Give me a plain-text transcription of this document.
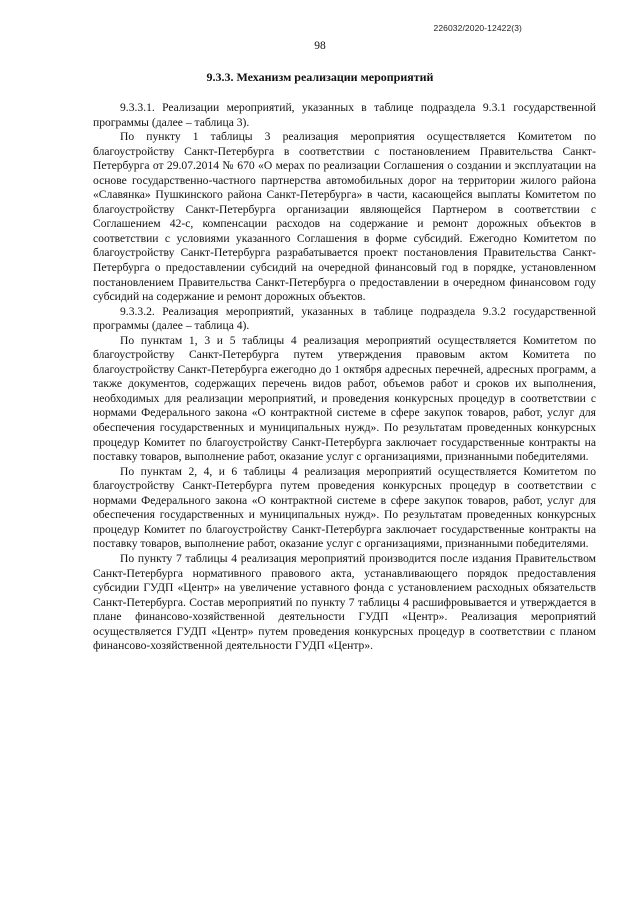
226032/2020-12422(3)
98
9.3.3. Механизм реализации мероприятий

9.3.3.1. Реализации мероприятий, указанных в таблице подраздела 9.3.1 государственной программы (далее – таблица 3).

По пункту 1 таблицы 3 реализация мероприятия осуществляется Комитетом по благоустройству Санкт-Петербурга в соответствии с постановлением Правительства Санкт-Петербурга от 29.07.2014 № 670 «О мерах по реализации Соглашения о создании и эксплуатации на основе государственно-частного партнерства автомобильных дорог на территории жилого района «Славянка» Пушкинского района Санкт-Петербурга» в части, касающейся выплаты Комитетом по благоустройству Санкт-Петербурга организации являющейся Партнером в соответствии с Соглашением 42-с, компенсации расходов на содержание и ремонт дорожных объектов в соответствии с условиями указанного Соглашения в форме субсидий. Ежегодно Комитетом по благоустройству Санкт-Петербурга разрабатывается проект постановления Правительства Санкт-Петербурга о предоставлении субсидий на очередной финансовый год в порядке, установленном постановлением Правительства Санкт-Петербурга о предоставлении в очередном финансовом году субсидий на содержание и ремонт дорожных объектов.

9.3.3.2. Реализация мероприятий, указанных в таблице подраздела 9.3.2 государственной программы (далее – таблица 4).

По пунктам 1, 3 и 5 таблицы 4 реализация мероприятий осуществляется Комитетом по благоустройству Санкт-Петербурга путем утверждения правовым актом Комитета по благоустройству Санкт-Петербурга ежегодно до 1 октября адресных перечней, адресных программ, а также документов, содержащих перечень видов работ, объемов работ и сроков их выполнения, необходимых для реализации мероприятий, и проведения конкурсных процедур в соответствии с нормами Федерального закона «О контрактной системе в сфере закупок товаров, работ, услуг для обеспечения государственных и муниципальных нужд». По результатам проведенных конкурсных процедур Комитет по благоустройству Санкт-Петербурга заключает государственные контракты на поставку товаров, выполнение работ, оказание услуг с организациями, признанными победителями.

По пунктам 2, 4, и 6 таблицы 4 реализация мероприятий осуществляется Комитетом по благоустройству Санкт-Петербурга путем проведения конкурсных процедур в соответствии с нормами Федерального закона «О контрактной системе в сфере закупок товаров, работ, услуг для обеспечения государственных и муниципальных нужд». По результатам проведенных конкурсных процедур Комитет по благоустройству Санкт-Петербурга заключает государственные контракты на поставку товаров, выполнение работ, оказание услуг с организациями, признанными победителями.

По пункту 7 таблицы 4 реализация мероприятий производится после издания Правительством Санкт-Петербурга нормативного правового акта, устанавливающего порядок предоставления субсидии ГУДП «Центр» на увеличение уставного фонда с установлением расходных обязательств Санкт-Петербурга. Состав мероприятий по пункту 7 таблицы 4 расшифровывается и утверждается в плане финансово-хозяйственной деятельности ГУДП «Центр». Реализация мероприятий осуществляется ГУДП «Центр» путем проведения конкурсных процедур в соответствии с планом финансово-хозяйственной деятельности ГУДП «Центр».
